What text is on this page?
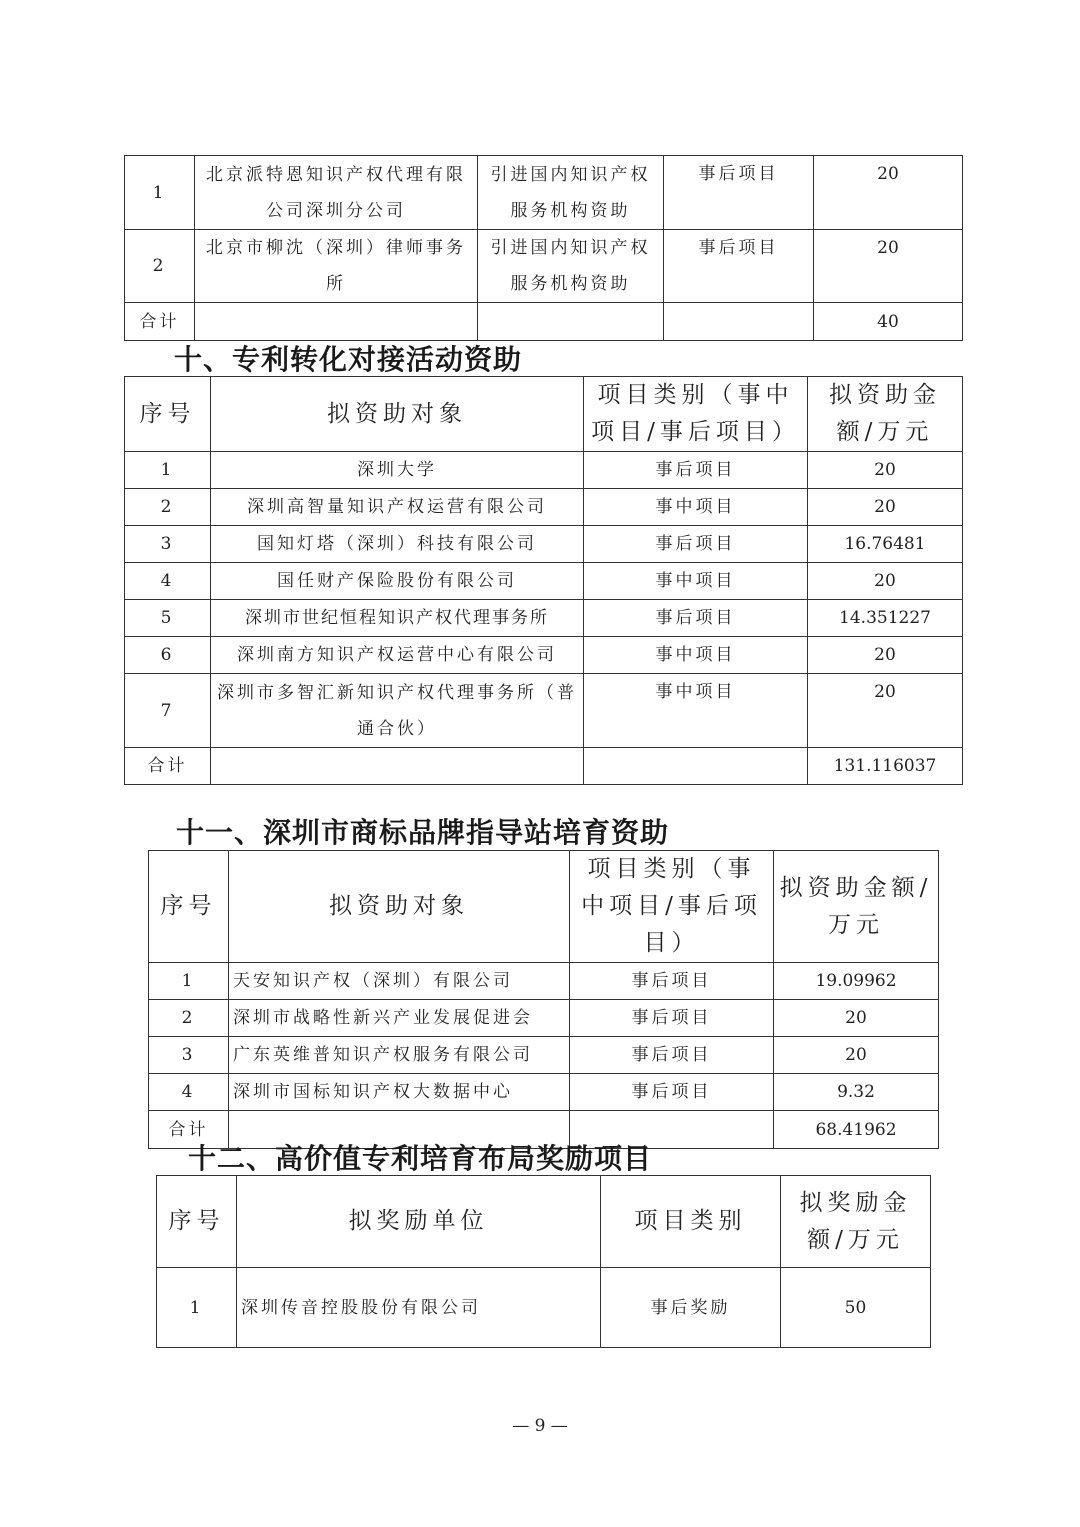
1	北京派特恩知识产权代理有限公司深圳分公司	引进国内知识产权服务机构资助	事后项目	20
2	北京市柳沈（深圳）律师事务所	引进国内知识产权服务机构资助	事后项目	20
合计				40
十、专利转化对接活动资助
序号	拟资助对象	项目类别（事中项目/事后项目）	拟资助金额/万元
1	深圳大学	事后项目	20
2	深圳高智量知识产权运营有限公司	事中项目	20
3	国知灯塔（深圳）科技有限公司	事后项目	16.76481
4	国任财产保险股份有限公司	事中项目	20
5	深圳市世纪恒程知识产权代理事务所	事后项目	14.351227
6	深圳南方知识产权运营中心有限公司	事中项目	20
7	深圳市多智汇新知识产权代理事务所（普通合伙）	事中项目	20
合计			131.116037
十一、深圳市商标品牌指导站培育资助
序号	拟资助对象	项目类别（事中项目/事后项目）	拟资助金额/万元
1	天安知识产权（深圳）有限公司	事后项目	19.09962
2	深圳市战略性新兴产业发展促进会	事后项目	20
3	广东英维普知识产权服务有限公司	事后项目	20
4	深圳市国标知识产权大数据中心	事后项目	9.32
合计			68.41962
十二、高价值专利培育布局奖励项目
序号	拟奖励单位	项目类别	拟奖励金额/万元
1	深圳传音控股股份有限公司	事后奖励	50
— 9 —
